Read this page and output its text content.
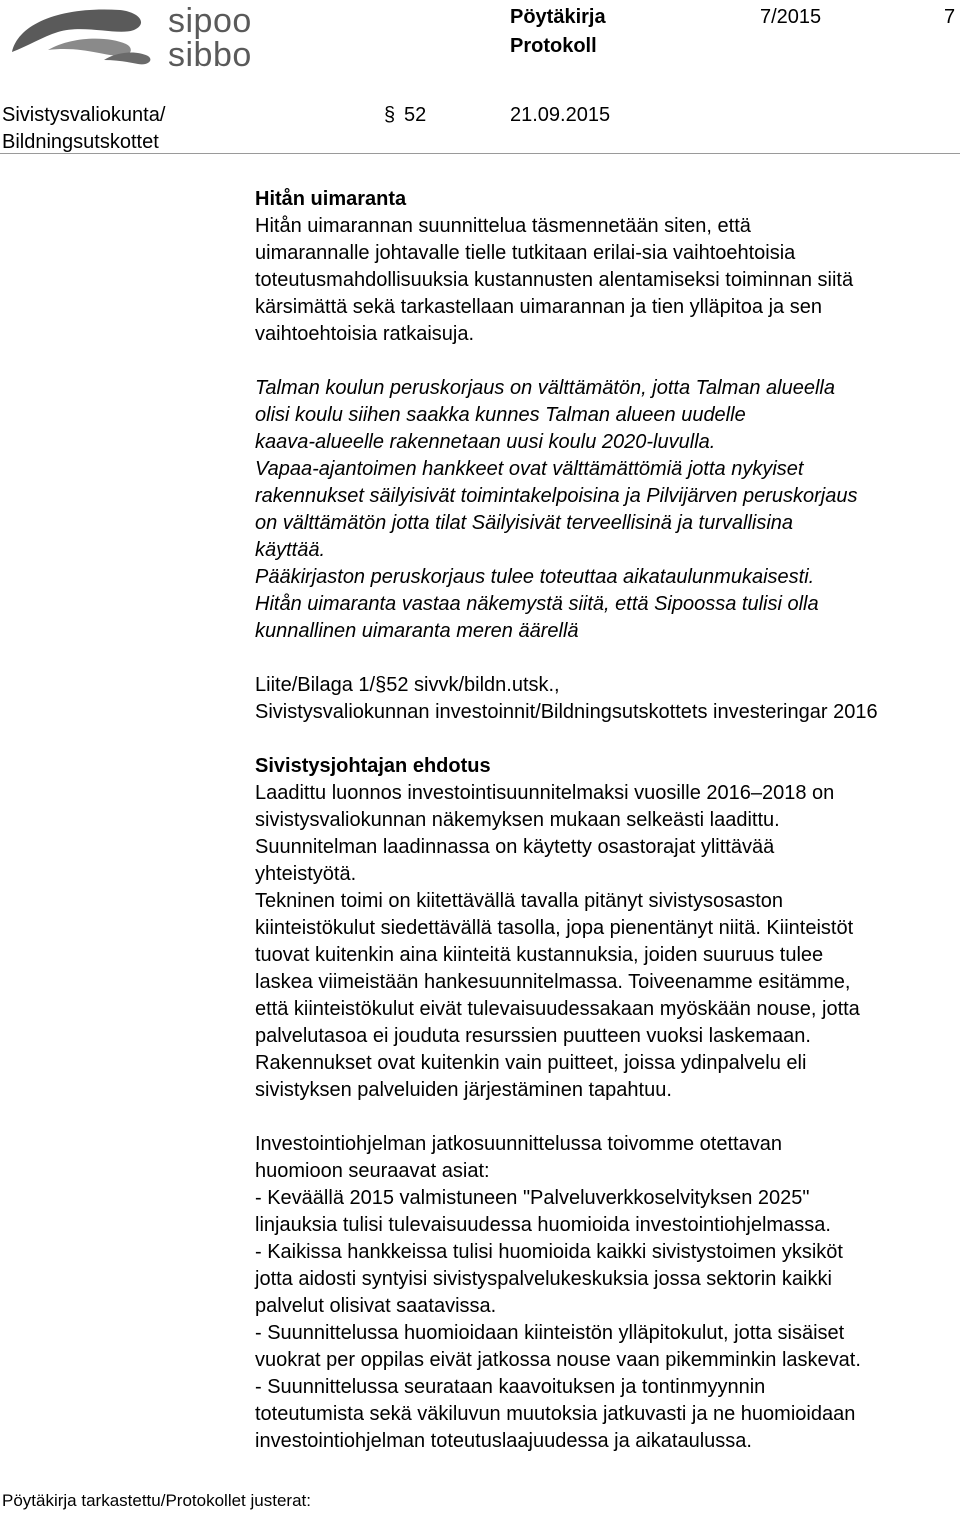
sipoo
sibbo
Pöytäkirja
Protokoll
7/2015	7
Sivistysvaliokunta/
Bildningsutskottet
§ 52	21.09.2015

Hitån uimaranta

Hitån uimarannan suunnittelua täsmennetään siten, että

uimarannalle johtavalle tielle tutkitaan erilai-sia vaihtoehtoisia

toteutusmahdollisuuksia kustannusten alentamiseksi toiminnan siitä

kärsimättä sekä tarkastellaan uimarannan ja tien ylläpitoa ja sen

vaihtoehtoisia ratkaisuja.

Talman koulun peruskorjaus on välttämätön, jotta Talman alueella

olisi koulu siihen saakka kunnes Talman alueen uudelle

kaava-alueelle rakennetaan uusi koulu 2020-luvulla.

Vapaa-ajantoimen hankkeet ovat välttämättömiä jotta nykyiset

rakennukset säilyisivät toimintakelpoisina ja Pilvijärven peruskorjaus

on välttämätön jotta tilat Säilyisivät terveellisinä ja turvallisina

käyttää.

Pääkirjaston peruskorjaus tulee toteuttaa aikataulunmukaisesti.

Hitån uimaranta vastaa näkemystä siitä, että Sipoossa tulisi olla

kunnallinen uimaranta meren äärellä

Liite/Bilaga 1/§52 sivvk/bildn.utsk.,

Sivistysvaliokunnan investoinnit/Bildningsutskottets investeringar 2016

Sivistysjohtajan ehdotus

Laadittu luonnos investointisuunnitelmaksi vuosille 2016–2018 on

sivistysvaliokunnan näkemyksen mukaan selkeästi laadittu.

Suunnitelman laadinnassa on käytetty osastorajat ylittävää

yhteistyötä.

Tekninen toimi on kiitettävällä tavalla pitänyt sivistysosaston

kiinteistökulut siedettävällä tasolla, jopa pienentänyt niitä. Kiinteistöt

tuovat kuitenkin aina kiinteitä kustannuksia, joiden suuruus tulee

laskea viimeistään hankesuunnitelmassa. Toiveenamme esitämme,

että kiinteistökulut eivät tulevaisuudessakaan myöskään nouse, jotta

palvelutasoa ei jouduta resurssien puutteen vuoksi laskemaan.

Rakennukset ovat kuitenkin vain puitteet, joissa ydinpalvelu eli

sivistyksen palveluiden järjestäminen tapahtuu.

Investointiohjelman jatkosuunnittelussa toivomme otettavan

huomioon seuraavat asiat:

- Keväällä 2015 valmistuneen "Palveluverkkoselvityksen 2025"

linjauksia tulisi tulevaisuudessa huomioida investointiohjelmassa.

- Kaikissa hankkeissa tulisi huomioida kaikki sivistystoimen yksiköt

jotta aidosti syntyisi sivistyspalvelukeskuksia jossa sektorin kaikki

palvelut olisivat saatavissa.

- Suunnittelussa huomioidaan kiinteistön ylläpitokulut, jotta sisäiset

vuokrat per oppilas eivät jatkossa nouse vaan pikemminkin laskevat.

- Suunnittelussa seurataan kaavoituksen ja tontinmyynnin

toteutumista sekä väkiluvun muutoksia jatkuvasti ja ne huomioidaan

investointiohjelman toteutuslaajuudessa ja aikataulussa.

Pöytäkirja tarkastettu/Protokollet justerat:
